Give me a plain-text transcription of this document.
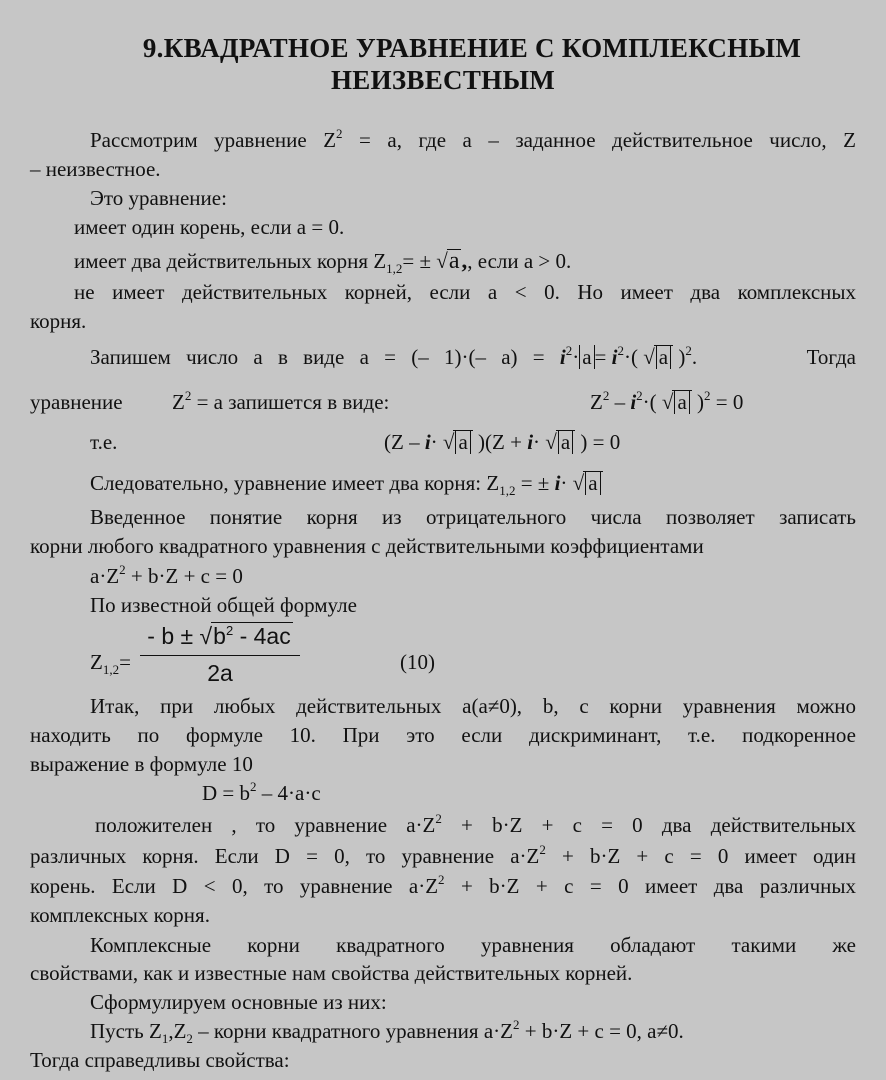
9.КВАДРАТНОЕ УРАВНЕНИЕ С КОМПЛЕКСНЫМ
НЕИЗВЕСТНЫМ
Рассмотрим уравнение $Z^2 = a$, где a – заданное действительное число, Z
– неизвестное.
Это уравнение:
имеет один корень, если a = 0.
имеет два действительных корня $Z_{1,2}= \pm √a$,, если a > 0.
не имеет действительных корней, если a < 0. Но имеет два комплексных
корня.
Запишем число a в виде a = (– 1)·(– $a) = i^2\cdot a = i^2\cdot$( √ a )$^2$.	Тогда
уравнение $Z^2 = a$ запишется в виде:	$Z^2 - i^2\cdot$( √ a )$^2$ = 0
т.е.	(Z – i· √ a )(Z + i· √ a ) = 0
Следовательно, уравнение имеет два корня: $Z_{1,2}$ = ± i· √ a
Введенное понятие корня из отрицательного числа позволяет записать
корни любого квадратного уравнения с действительными коэффициентами
$a\cdot Z^2 + b\cdot Z + c = 0$
По известной общей формуле
$Z_{1,2}= \frac{- b \pm √b^2 - 4ac}{2a}$	(10)
Итак, при любых действительных a(a≠0), b, c корни уравнения можно
находить по формуле 10. При это если дискриминант, т.е. подкоренное
выражение в формуле 10
$D = b^2 - 4\cdot a\cdot c$
положителен , то уравнение $a\cdot Z^2 + b\cdot Z + c = 0$ два действительных
различных корня. Если D = 0, то уравнение $a\cdot Z^2 + b\cdot Z + c = 0$ имеет один
корень. Если D < 0, то уравнение $a\cdot Z^2 + b\cdot Z + c = 0$ имеет два различных
комплексных корня.
Комплексные корни квадратного уравнения обладают такими же
свойствами, как и известные нам свойства действительных корней.
Сформулируем основные из них:
Пусть $Z_1,Z_2$ – корни квадратного уравнения $a\cdot Z^2 + b\cdot Z + c = 0$, a≠0.
Тогда справедливы свойства:
